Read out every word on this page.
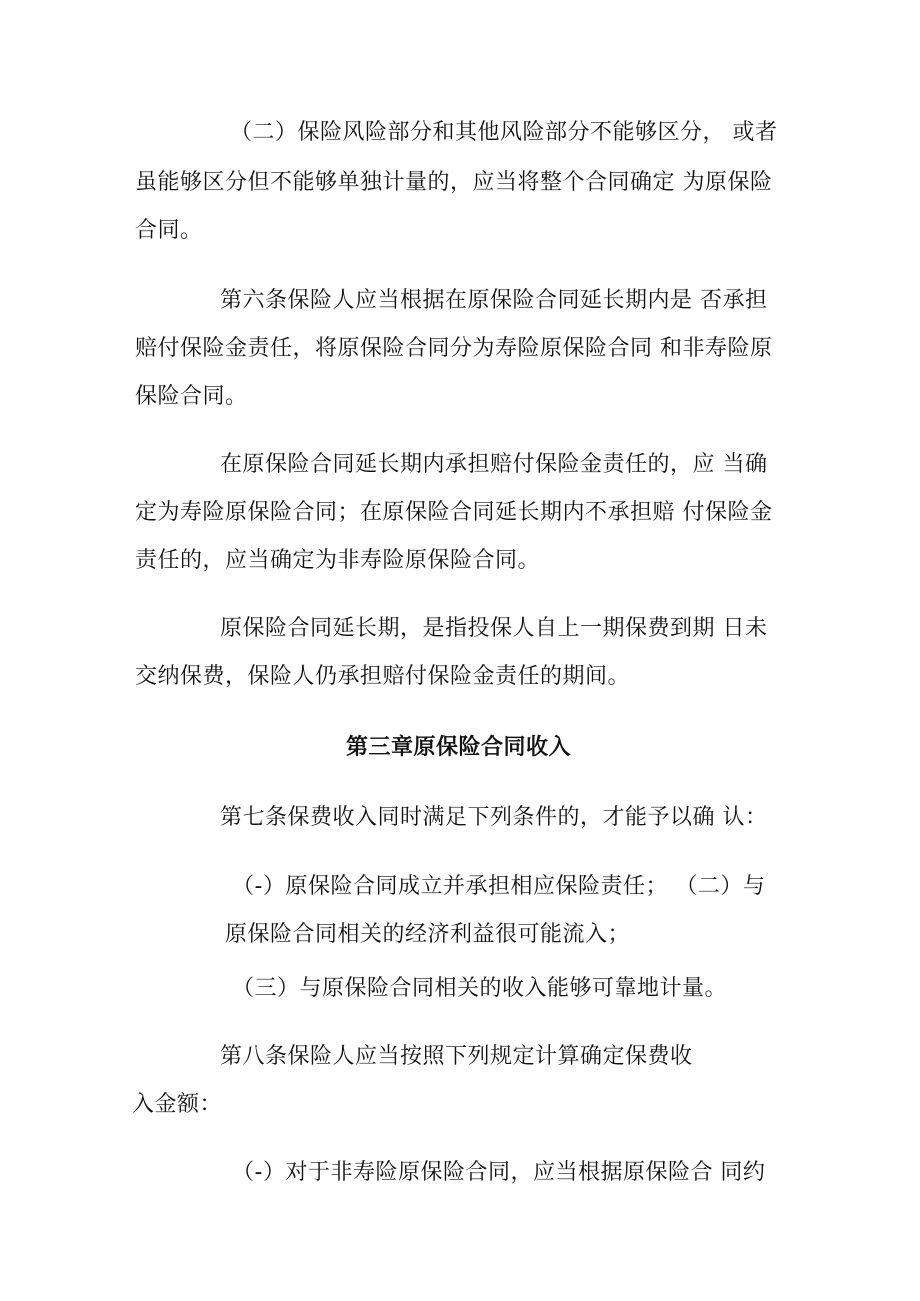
（二）保险风险部分和其他风险部分不能够区分， 或者
虽能够区分但不能够单独计量的，应当将整个合同确定 为原保险
合同。
第六条保险人应当根据在原保险合同延长期内是 否承担
赔付保险金责任，将原保险合同分为寿险原保险合同 和非寿险原
保险合同。
在原保险合同延长期内承担赔付保险金责任的，应 当确
定为寿险原保险合同；在原保险合同延长期内不承担赔 付保险金
责任的，应当确定为非寿险原保险合同。
原保险合同延长期，是指投保人自上一期保费到期 日未
交纳保费，保险人仍承担赔付保险金责任的期间。
第三章原保险合同收入
第七条保费收入同时满足下列条件的，才能予以确 认：
（-）原保险合同成立并承担相应保险责任； （二）与
原保险合同相关的经济利益很可能流入；
（三）与原保险合同相关的收入能够可靠地计量。
第八条保险人应当按照下列规定计算确定保费收
入金额：
（-）对于非寿险原保险合同，应当根据原保险合 同约
